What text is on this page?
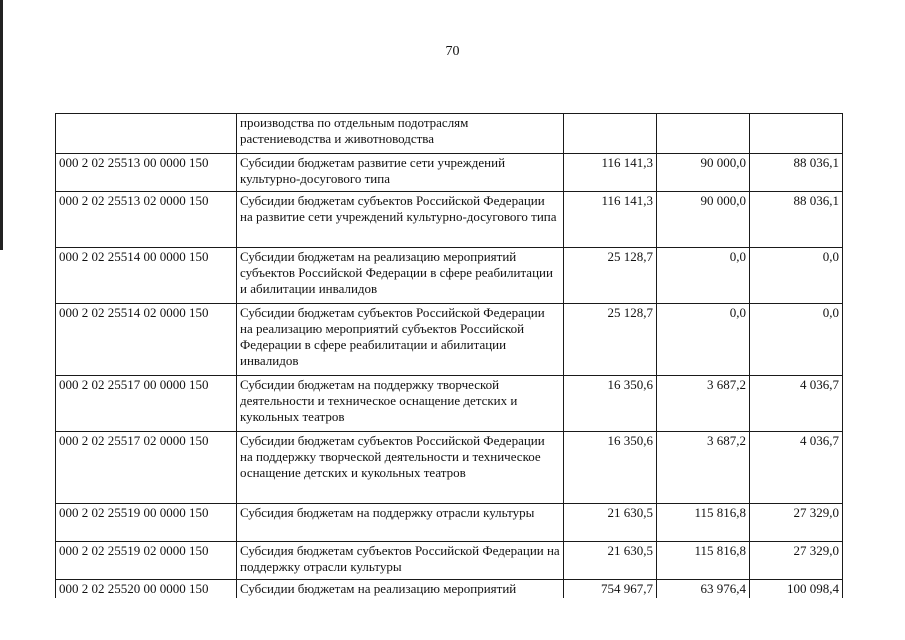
70
	производства по отдельным подотраслям растениеводства и животноводства			
000 2 02 25513 00 0000 150	Субсидии бюджетам развитие сети учреждений культурно-досугового типа	116 141,3	90 000,0	88 036,1
000 2 02 25513 02 0000 150	Субсидии бюджетам субъектов Российской Федерации на развитие сети учреждений культурно-досугового типа	116 141,3	90 000,0	88 036,1
000 2 02 25514 00 0000 150	Субсидии бюджетам на реализацию мероприятий субъектов Российской Федерации в сфере реабилитации и абилитации инвалидов	25 128,7	0,0	0,0
000 2 02 25514 02 0000 150	Субсидии бюджетам субъектов Российской Федерации на реализацию мероприятий субъектов Российской Федерации в сфере реабилитации и абилитации инвалидов	25 128,7	0,0	0,0
000 2 02 25517 00 0000 150	Субсидии бюджетам на поддержку творческой деятельности и техническое оснащение детских и кукольных театров	16 350,6	3 687,2	4 036,7
000 2 02 25517 02 0000 150	Субсидии бюджетам субъектов Российской Федерации на поддержку творческой деятельности и техническое оснащение детских и кукольных театров	16 350,6	3 687,2	4 036,7
000 2 02 25519 00 0000 150	Субсидия бюджетам на поддержку отрасли культуры	21 630,5	115 816,8	27 329,0
000 2 02 25519 02 0000 150	Субсидия бюджетам субъектов Российской Федерации на поддержку отрасли культуры	21 630,5	115 816,8	27 329,0
000 2 02 25520 00 0000 150	Субсидии бюджетам на реализацию мероприятий	754 967,7	63 976,4	100 098,4
